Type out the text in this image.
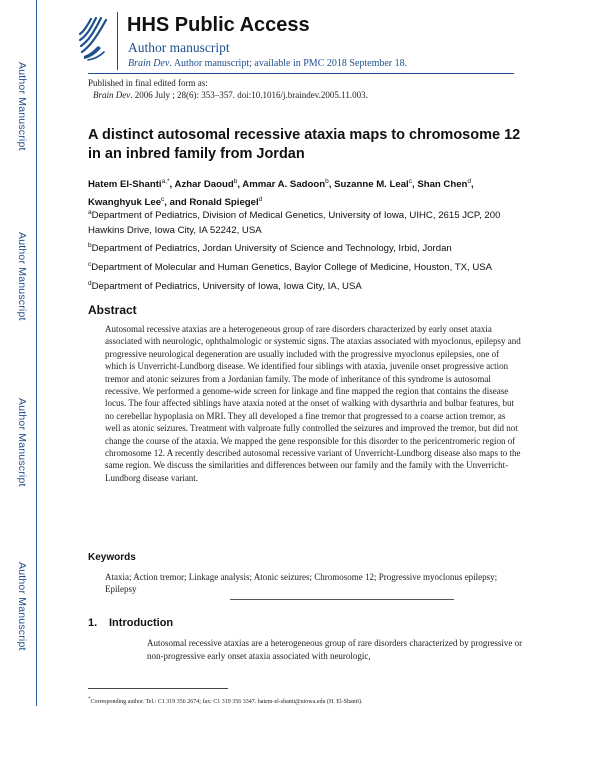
Author Manuscript
Author Manuscript
Author Manuscript
Author Manuscript
HHS Public Access
Author manuscript
Brain Dev. Author manuscript; available in PMC 2018 September 18.
Published in final edited form as:
Brain Dev. 2006 July ; 28(6): 353–357. doi:10.1016/j.braindev.2005.11.003.
A distinct autosomal recessive ataxia maps to chromosome 12 in an inbred family from Jordan
Hatem El-Shanti$^{a,*}$, Azhar Daoud$^b$, Ammar A. Sadoon$^b$, Suzanne M. Leal$^c$, Shan Chen$^d$,
Kwanghyuk Lee$^c$, and Ronald Spiegel$^d$
$^a$Department of Pediatrics, Division of Medical Genetics, University of Iowa, UIHC, 2615 JCP, 200 Hawkins Drive, Iowa City, IA 52242, USA
$^b$Department of Pediatrics, Jordan University of Science and Technology, Irbid, Jordan
$^c$Department of Molecular and Human Genetics, Baylor College of Medicine, Houston, TX, USA
$^d$Department of Pediatrics, University of Iowa, Iowa City, IA, USA
Abstract
Autosomal recessive ataxias are a heterogeneous group of rare disorders characterized by early onset ataxia associated with neurologic, ophthalmologic or systemic signs. The ataxias associated with myoclonus, epilepsy and progressive neurological degeneration are usually included with the progressive myoclonus epilepsies, one of which is Unverricht-Lundborg disease. We identified four siblings with ataxia, juvenile onset progressive action tremor and atonic seizures from a Jordanian family. The mode of inheritance of this syndrome is autosomal recessive. We performed a genome-wide screen for linkage and fine mapped the region that contains the disease locus. The four affected siblings have ataxia noted at the onset of walking with dysarthria and bulbar features, but no cerebellar hypoplasia on MRI. They all developed a fine tremor that progressed to a coarse action tremor, as well as atonic seizures. Treatment with valproate fully controlled the seizures and improved the tremor, but did not change the course of the ataxia. We mapped the gene responsible for this disorder to the pericentromeric region of chromosome 12. A recently described autosomal recessive variant of Unverricht-Lundborg disease also maps to the same region. We discuss the similarities and differences between our family and the family with the Unverricht-Lundborg disease variant.
Keywords
Ataxia; Action tremor; Linkage analysis; Atonic seizures; Chromosome 12; Progressive myoclonus epilepsy; Epilepsy
1. Introduction
Autosomal recessive ataxias are a heterogeneous group of rare disorders characterized by progressive or non-progressive early onset ataxia associated with neurologic,
*Corresponding author. Tel.: C1 319 356 2674; fax: C1 319 356 3347. hatem-el-shanti@uiowa.edu (H. El-Shanti).
